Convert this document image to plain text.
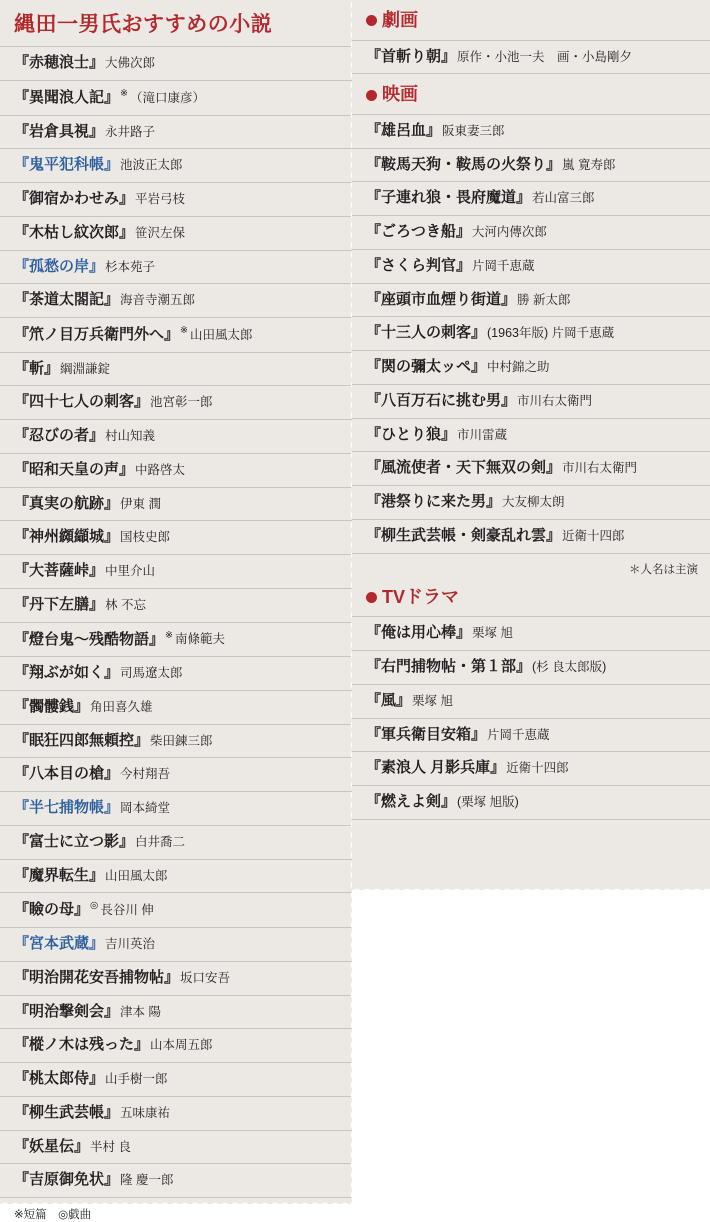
縄田一男氏おすすめの小説
『赤穂浪士』大佛次郎
『異聞浪人記』※ （滝口康彦）
『岩倉具視』永井路子
『鬼平犯科帳』池波正太郎
『御宿かわせみ』平岩弓枝
『木枯し紋次郎』笹沢左保
『孤愁の岸』杉本苑子
『茶道太閤記』海音寺潮五郎
『笊ノ目万兵衛門外へ』※ 山田風太郎
『斬』綱淵謙錠
『四十七人の刺客』池宮彰一郎
『忍びの者』村山知義
『昭和天皇の声』中路啓太
『真実の航跡』伊東 潤
『神州纐纈城』国枝史郎
『大菩薩峠』中里介山
『丹下左膳』林 不忘
『燈台鬼〜残酷物語』※ 南條範夫
『翔ぶが如く』司馬遼太郎
『髑髏銭』角田喜久雄
『眠狂四郎無頼控』柴田錬三郎
『八本目の槍』今村翔吾
『半七捕物帳』岡本綺堂
『富士に立つ影』白井喬二
『魔界転生』山田風太郎
『瞼の母』◎ 長谷川 伸
『宮本武蔵』吉川英治
『明治開花安吾捕物帖』坂口安吾
『明治撃剣会』津本 陽
『樅ノ木は残った』山本周五郎
『桃太郎侍』山手樹一郎
『柳生武芸帳』五味康祐
『妖星伝』半村 良
『吉原御免状』隆 慶一郎
※短篇　◎戯曲
劇画
『首斬り朝』原作・小池一夫　画・小島剛夕
映画
『雄呂血』阪東妻三郎
『鞍馬天狗・鞍馬の火祭り』嵐 寛寿郎
『子連れ狼・畏府魔道』若山富三郎
『ごろつき船』大河内傳次郎
『さくら判官』片岡千恵蔵
『座頭市血煙り街道』勝 新太郎
『十三人の刺客』(1963年版) 片岡千恵蔵
『関の彌太ッペ』中村錦之助
『八百万石に挑む男』市川右太衛門
『ひとり狼』市川雷蔵
『風流使者・天下無双の剣』市川右太衛門
『港祭りに来た男』大友柳太朗
『柳生武芸帳・剣豪乱れ雲』近衛十四郎
＊人名は主演
TVドラマ
『俺は用心棒』栗塚 旭
『右門捕物帖・第１部』(杉 良太郎版)
『風』栗塚 旭
『軍兵衛目安箱』片岡千恵蔵
『素浪人 月影兵庫』近衛十四郎
『燃えよ剣』(栗塚 旭版)
